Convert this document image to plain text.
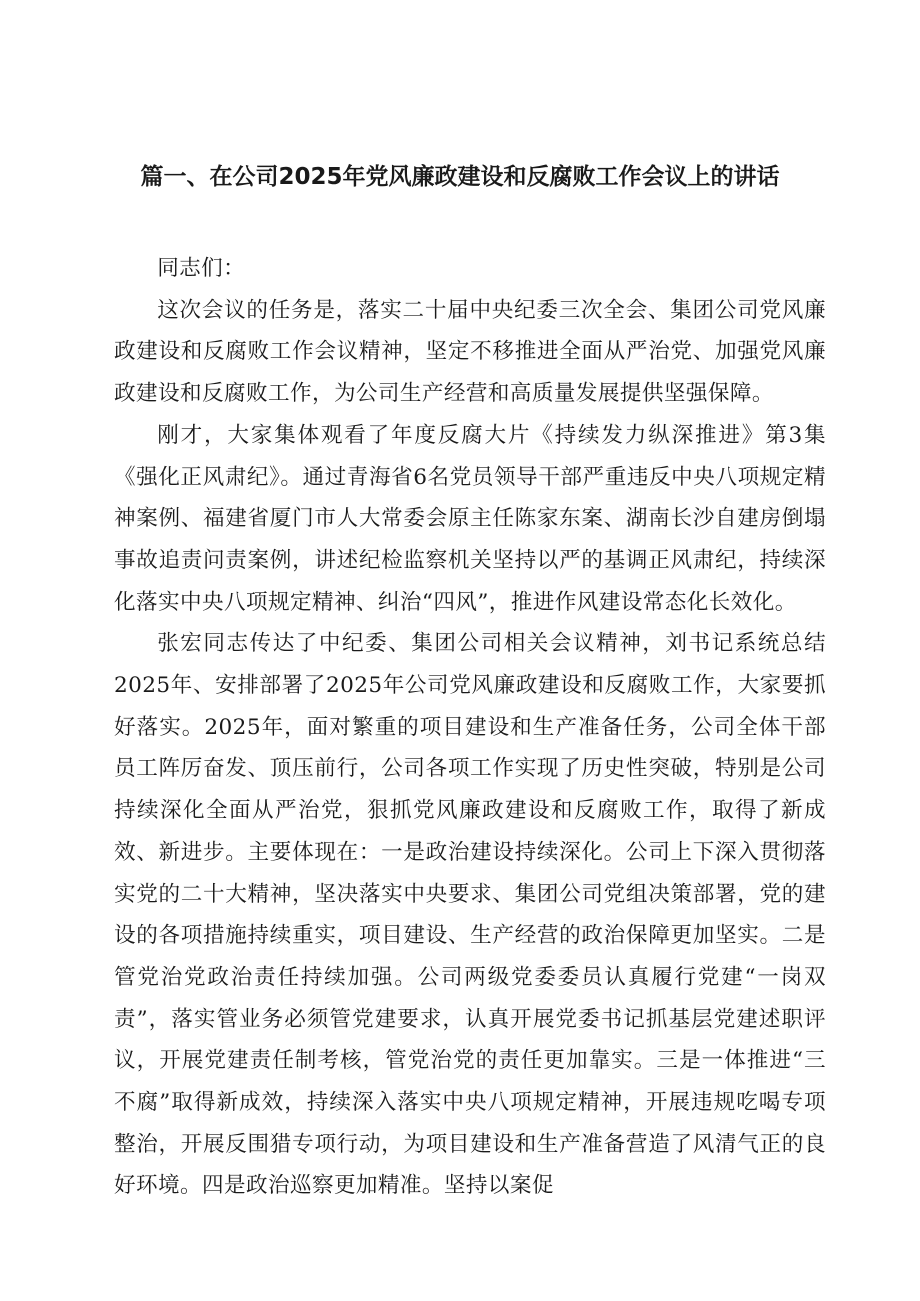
篇一、在公司2025年党风廉政建设和反腐败工作会议上的讲话

同志们：

这次会议的任务是，落实二十届中央纪委三次全会、集团公司党风廉政建设和反腐败工作会议精神，坚定不移推进全面从严治党、加强党风廉政建设和反腐败工作，为公司生产经营和高质量发展提供坚强保障。

刚才，大家集体观看了年度反腐大片《持续发力纵深推进》第3集《强化正风肃纪》。通过青海省6名党员领导干部严重违反中央八项规定精神案例、福建省厦门市人大常委会原主任陈家东案、湖南长沙自建房倒塌事故追责问责案例，讲述纪检监察机关坚持以严的基调正风肃纪，持续深化落实中央八项规定精神、纠治“四风”，推进作风建设常态化长效化。

张宏同志传达了中纪委、集团公司相关会议精神，刘书记系统总结2025年、安排部署了2025年公司党风廉政建设和反腐败工作，大家要抓好落实。2025年，面对繁重的项目建设和生产准备任务，公司全体干部员工阵厉奋发、顶压前行，公司各项工作实现了历史性突破，特别是公司持续深化全面从严治党，狠抓党风廉政建设和反腐败工作，取得了新成效、新进步。主要体现在：一是政治建设持续深化。公司上下深入贯彻落实党的二十大精神，坚决落实中央要求、集团公司党组决策部署，党的建设的各项措施持续重实，项目建设、生产经营的政治保障更加坚实。二是管党治党政治责任持续加强。公司两级党委委员认真履行党建“一岗双责”，落实管业务必须管党建要求，认真开展党委书记抓基层党建述职评议，开展党建责任制考核，管党治党的责任更加靠实。三是一体推进“三不腐”取得新成效，持续深入落实中央八项规定精神，开展违规吃喝专项整治，开展反围猎专项行动，为项目建设和生产准备营造了风清气正的良好环境。四是政治巡察更加精准。坚持以案促
